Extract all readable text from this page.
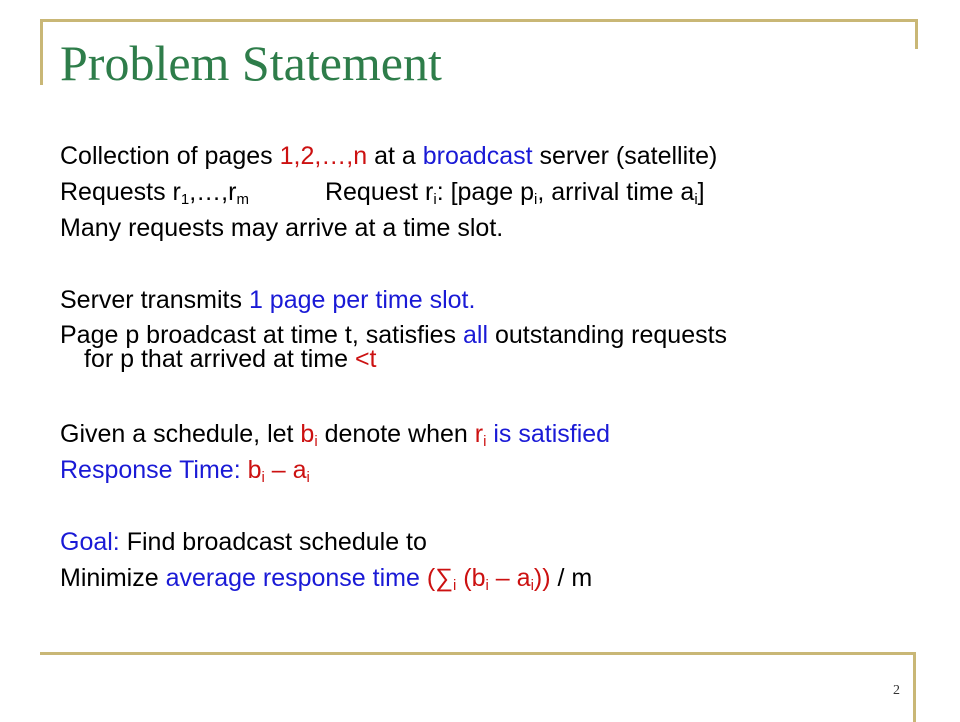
Problem Statement
Collection of pages 1,2,…,n at a broadcast server (satellite)
Requests $r_1,\dots,r_m$	Request $r_i$: [page $p_i$, arrival time $a_i$]
Many requests may arrive at a time slot.
Server transmits 1 page per time slot.
Page p broadcast at time t, satisfies all outstanding requests
for p that arrived at time <t
Given a schedule, let $b_i$ denote when $r_i$ is satisfied
Response Time: $b_i - a_i$
Goal: Find broadcast schedule to
Minimize average response time ($\sum_i$ $(b_i - a_i)$) / m
2
